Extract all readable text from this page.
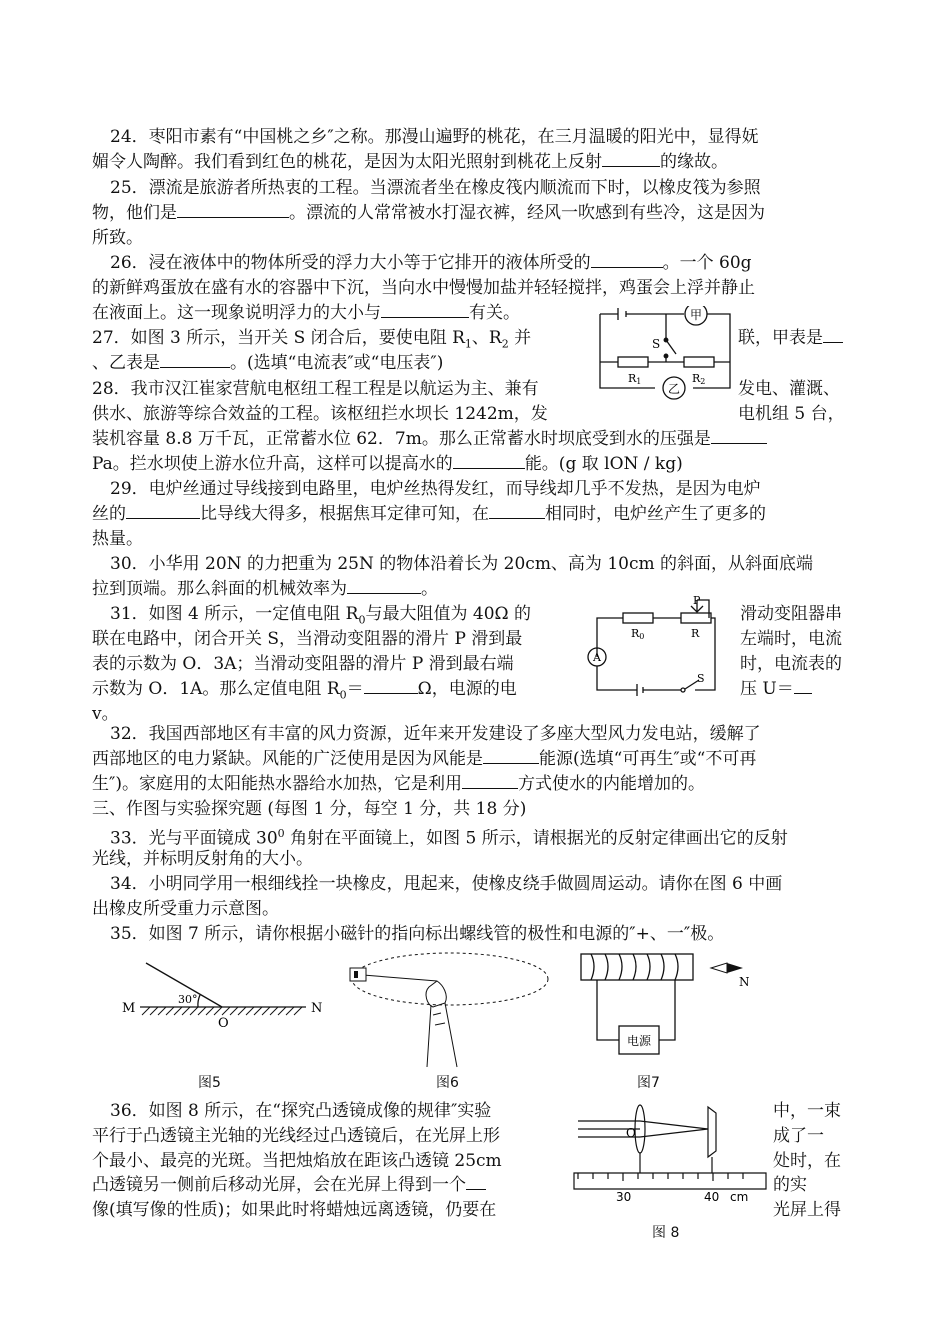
24．枣阳市素有“中国桃之乡″之称。那漫山遍野的桃花，在三月温暖的阳光中，显得妩
媚令人陶醉。我们看到红色的桃花，是因为太阳光照射到桃花上反射	的缘故。
25．漂流是旅游者所热衷的工程。当漂流者坐在橡皮筏内顺流而下时，以橡皮筏为参照
物，他们是	。漂流的人常常被水打湿衣裤，经风一吹感到有些冷，这是因为
所致。
26．浸在液体中的物体所受的浮力大小等于它排开的液体所受的	。一个 60g
的新鲜鸡蛋放在盛有水的容器中下沉，当向水中慢慢加盐并轻轻搅拌，鸡蛋会上浮并静止
在液面上。这一现象说明浮力的大小与	有关。
27．如图 3 所示，当开关 S 闭合后，要使电阻 $R_1$、$R_2$ 并	联，甲表是
、乙表是	。(选填“电流表″或“电压表″)
28．我市汉江崔家营航电枢纽工程工程是以航运为主、兼有	发电、灌溉、
供水、旅游等综合效益的工程。该枢纽拦水坝长 1242m，发	电机组 5 台，
装机容量 8.8 万千瓦，正常蓄水位 62．7m。那么正常蓄水时坝底受到水的压强是
Pa。拦水坝使上游水位升高，这样可以提高水的	能。(g 取 lON / kg)
29．电炉丝通过导线接到电路里，电炉丝热得发红，而导线却几乎不发热，是因为电炉
丝的	比导线大得多，根据焦耳定律可知，在	相同时，电炉丝产生了更多的
热量。
30．小华用 20N 的力把重为 25N 的物体沿着长为 20cm、高为 10cm 的斜面，从斜面底端
拉到顶端。那么斜面的机械效率为	。
31．如图 4 所示，一定值电阻 $R_0$与最大阻值为 40Ω 的	滑动变阻器串
联在电路中，闭合开关 S，当滑动变阻器的滑片 P 滑到最	左端时，电流
表的示数为 O．3A；当滑动变阻器的滑片 P 滑到最右端	时，电流表的
示数为 O．1A。那么定值电阻 $R_0=$	Ω，电源的电	压 U＝
v。
32．我国西部地区有丰富的风力资源，近年来开发建设了多座大型风力发电站，缓解了
西部地区的电力紧缺。风能的广泛使用是因为风能是	能源(选填“可再生″或“不可再
生″)。家庭用的太阳能热水器给水加热，它是利用	方式使水的内能增加的。
三、作图与实验探究题 (每图 1 分，每空 1 分，共 18 分)
33．光与平面镜成 $30^0$ 角射在平面镜上，如图 5 所示，请根据光的反射定律画出它的反射
光线，并标明反射角的大小。
34．小明同学用一根细线拴一块橡皮，甩起来，使橡皮绕手做圆周运动。请你在图 6 中画
出橡皮所受重力示意图。
35．如图 7 所示，请你根据小磁针的指向标出螺线管的极性和电源的″+、一″极。
36．如图 8 所示，在“探究凸透镜成像的规律″实验	中，一束
平行于凸透镜主光轴的光线经过凸透镜后，在光屏上形	成了一
个最小、最亮的光斑。当把烛焰放在距该凸透镜 25cm	处时，在
凸透镜另一侧前后移动光屏，会在光屏上得到一个	的实
像(填写像的性质)；如果此时将蜡烛远离透镜，仍要在	光屏上得
甲
乙
S
R1	R2
P
R0	R
A
S
M	N
O
30°
图5	图6
N
电源
图7
O
30	40 cm
图 8
